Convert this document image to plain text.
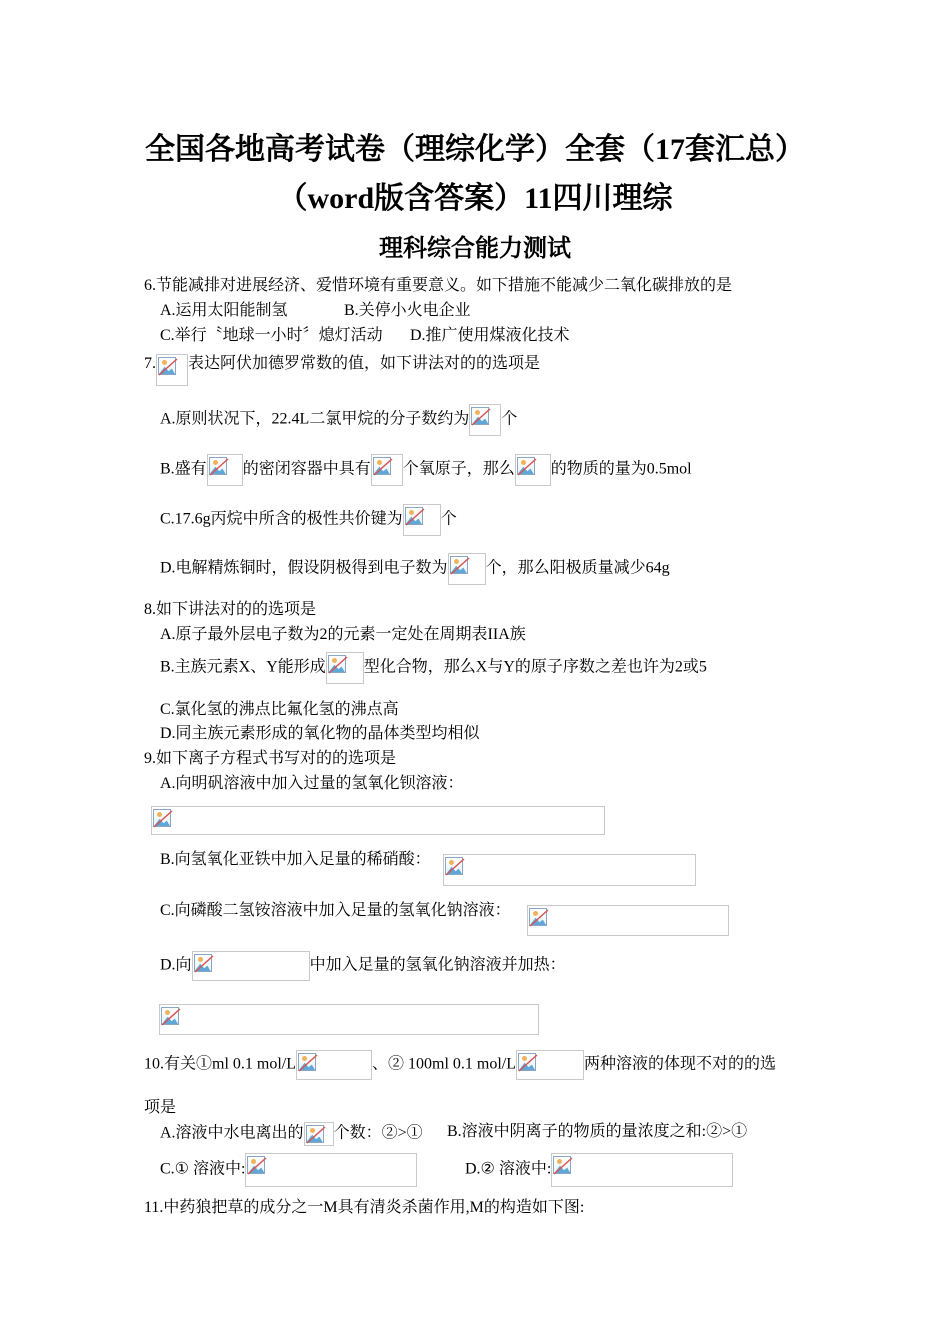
全国各地高考试卷（理综化学）全套（17套汇总）
（word版含答案）11四川理综
理科综合能力测试
6.节能减排对进展经济、爱惜环境有重要意义。如下措施不能减少二氧化碳排放的是
A.运用太阳能制氢	B.关停小火电企业
C.举行〝地球一小时〞熄灯活动 D.推广使用煤液化技术
7. 表达阿伏加德罗常数的值，如下讲法对的的选项是
A.原则状况下，22.4L二氯甲烷的分子数约为 个
B.盛有 的密闭容器中具有 个氧原子，那么 的物质的量为0.5mol
C.17.6g丙烷中所含的极性共价键为 个
D.电解精炼铜时，假设阴极得到电子数为 个，那么阳极质量减少64g
8.如下讲法对的的选项是
A.原子最外层电子数为2的元素一定处在周期表IIA族
B.主族元素X、Y能形成 型化合物，那么X与Y的原子序数之差也许为2或5
C.氯化氢的沸点比氟化氢的沸点高
D.同主族元素形成的氧化物的晶体类型均相似
9.如下离子方程式书写对的的选项是
A.向明矾溶液中加入过量的氢氧化钡溶液：
B.向氢氧化亚铁中加入足量的稀硝酸：
C.向磷酸二氢铵溶液中加入足量的氢氧化钠溶液：
D.向	中加入足量的氢氧化钠溶液并加热：
10.有关①ml 0.1 mol/L	、② 100ml 0.1 mol/L	两种溶液的体现不对的的选
项是
A.溶液中水电离出的 个数：②>① B.溶液中阴离子的物质的量浓度之和:②>①
C.① 溶液中:	D.② 溶液中:
11.中药狼把草的成分之一M具有清炎杀菌作用,M的构造如下图:
